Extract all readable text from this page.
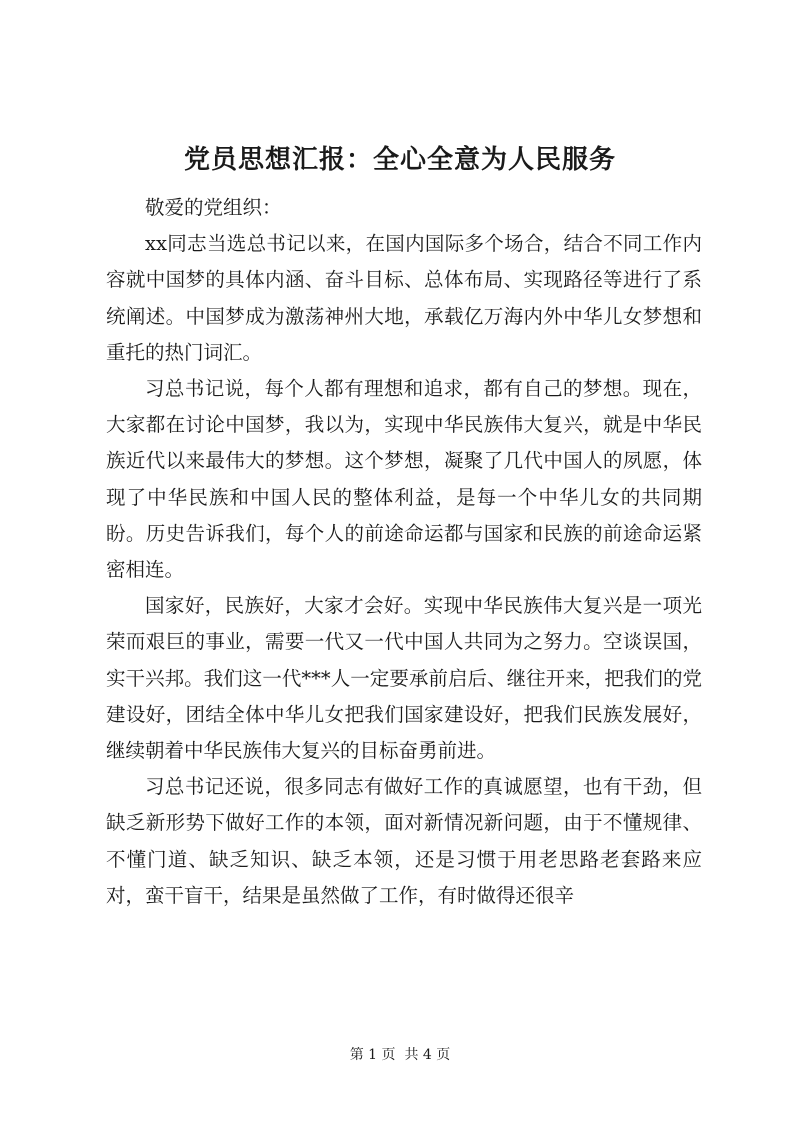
党员思想汇报：全心全意为人民服务

敬爱的党组织：

xx同志当选总书记以来，在国内国际多个场合，结合不同工作内容就中国梦的具体内涵、奋斗目标、总体布局、实现路径等进行了系统阐述。中国梦成为激荡神州大地，承载亿万海内外中华儿女梦想和重托的热门词汇。

习总书记说，每个人都有理想和追求，都有自己的梦想。现在，大家都在讨论中国梦，我以为，实现中华民族伟大复兴，就是中华民族近代以来最伟大的梦想。这个梦想，凝聚了几代中国人的夙愿，体现了中华民族和中国人民的整体利益，是每一个中华儿女的共同期盼。历史告诉我们，每个人的前途命运都与国家和民族的前途命运紧密相连。

国家好，民族好，大家才会好。实现中华民族伟大复兴是一项光荣而艰巨的事业，需要一代又一代中国人共同为之努力。空谈误国，实干兴邦。我们这一代***人一定要承前启后、继往开来，把我们的党建设好，团结全体中华儿女把我们国家建设好，把我们民族发展好，继续朝着中华民族伟大复兴的目标奋勇前进。

习总书记还说，很多同志有做好工作的真诚愿望，也有干劲，但缺乏新形势下做好工作的本领，面对新情况新问题，由于不懂规律、不懂门道、缺乏知识、缺乏本领，还是习惯于用老思路老套路来应对，蛮干盲干，结果是虽然做了工作，有时做得还很辛

第 1 页  共 4 页
